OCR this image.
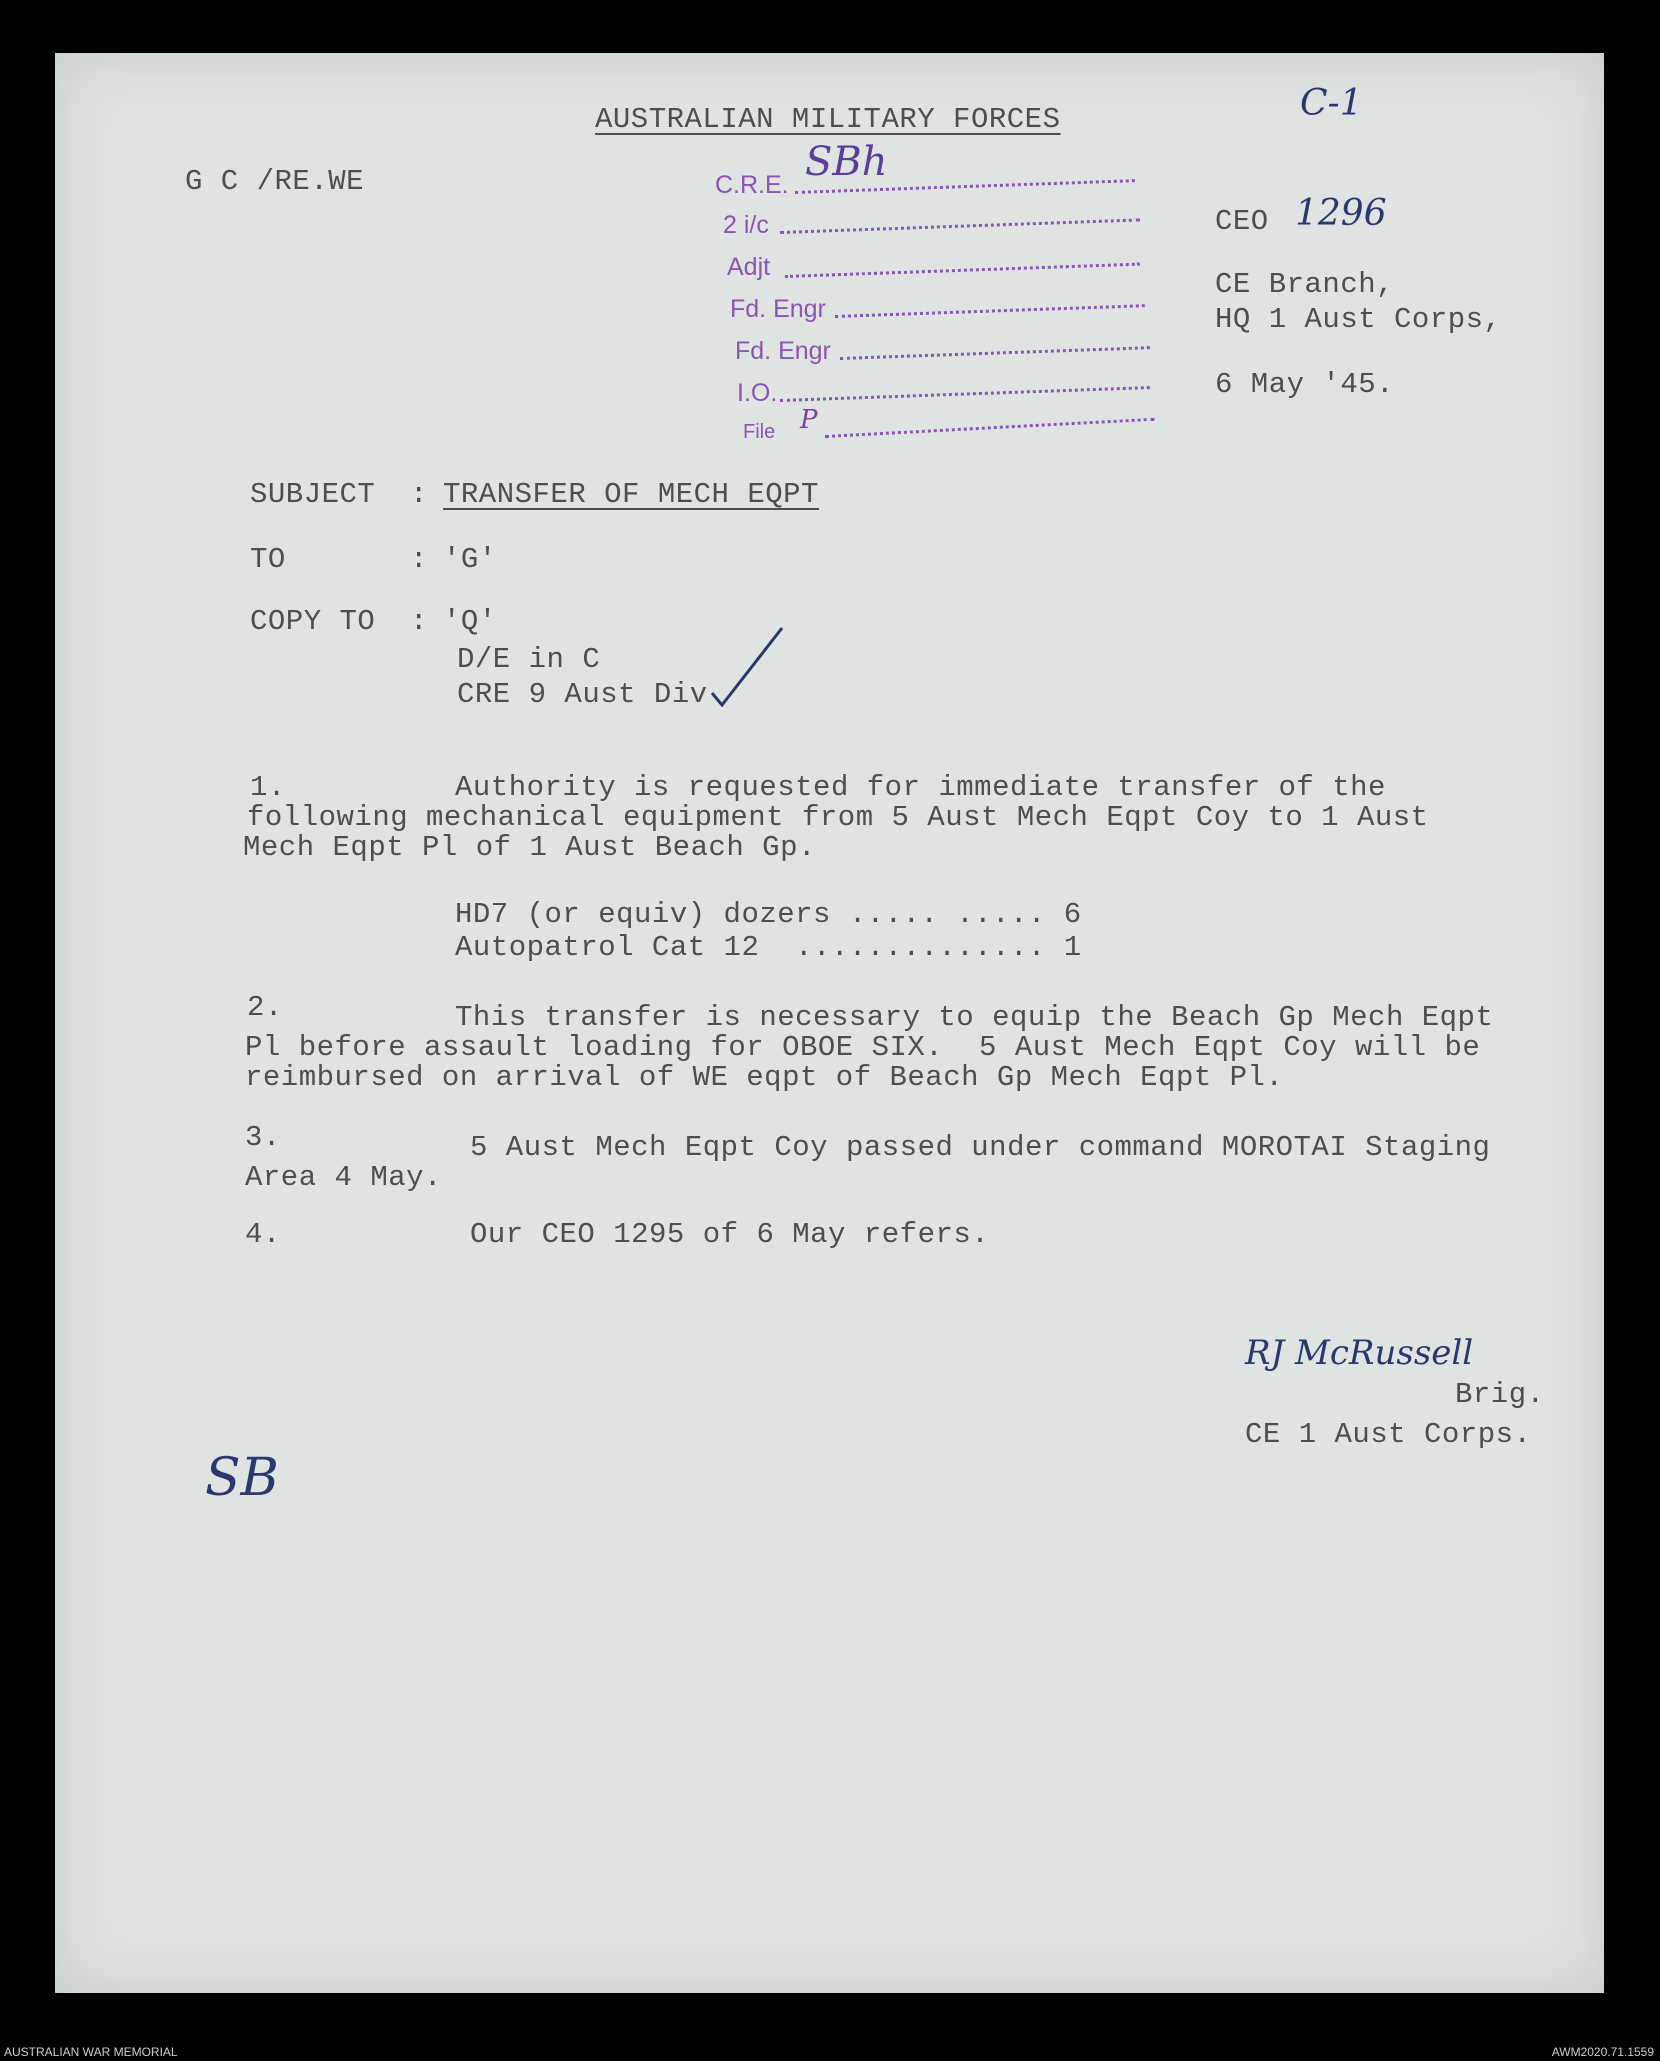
AUSTRALIAN MILITARY FORCES
G C /RE.WE
C-1
CEO 1296
CE Branch,
HQ 1 Aust Corps,
6 May '45.
C.R.E.
2 i/c
Adjt
Fd. Engr
Fd. Engr
I.O.
File P
SBh
SUBJECT : TRANSFER OF MECH EQPT
TO	: 'G'
COPY TO : 'Q'
D/E in C
CRE 9 Aust Div
1.	Authority is requested for immediate transfer of the
following mechanical equipment from 5 Aust Mech Eqpt Coy to 1 Aust
Mech Eqpt Pl of 1 Aust Beach Gp.
HD7 (or equiv) dozers ..... ..... 6
Autopatrol Cat 12  .............. 1
2.	This transfer is necessary to equip the Beach Gp Mech Eqpt
Pl before assault loading for OBOE SIX.  5 Aust Mech Eqpt Coy will be
reimbursed on arrival of WE eqpt of Beach Gp Mech Eqpt Pl.
3.	5 Aust Mech Eqpt Coy passed under command MOROTAI Staging
Area 4 May.
4.	Our CEO 1295 of 6 May refers.
RJ McRussell
Brig.
CE 1 Aust Corps.
SB
AUSTRALIAN WAR MEMORIAL	AWM2020.71.1559
